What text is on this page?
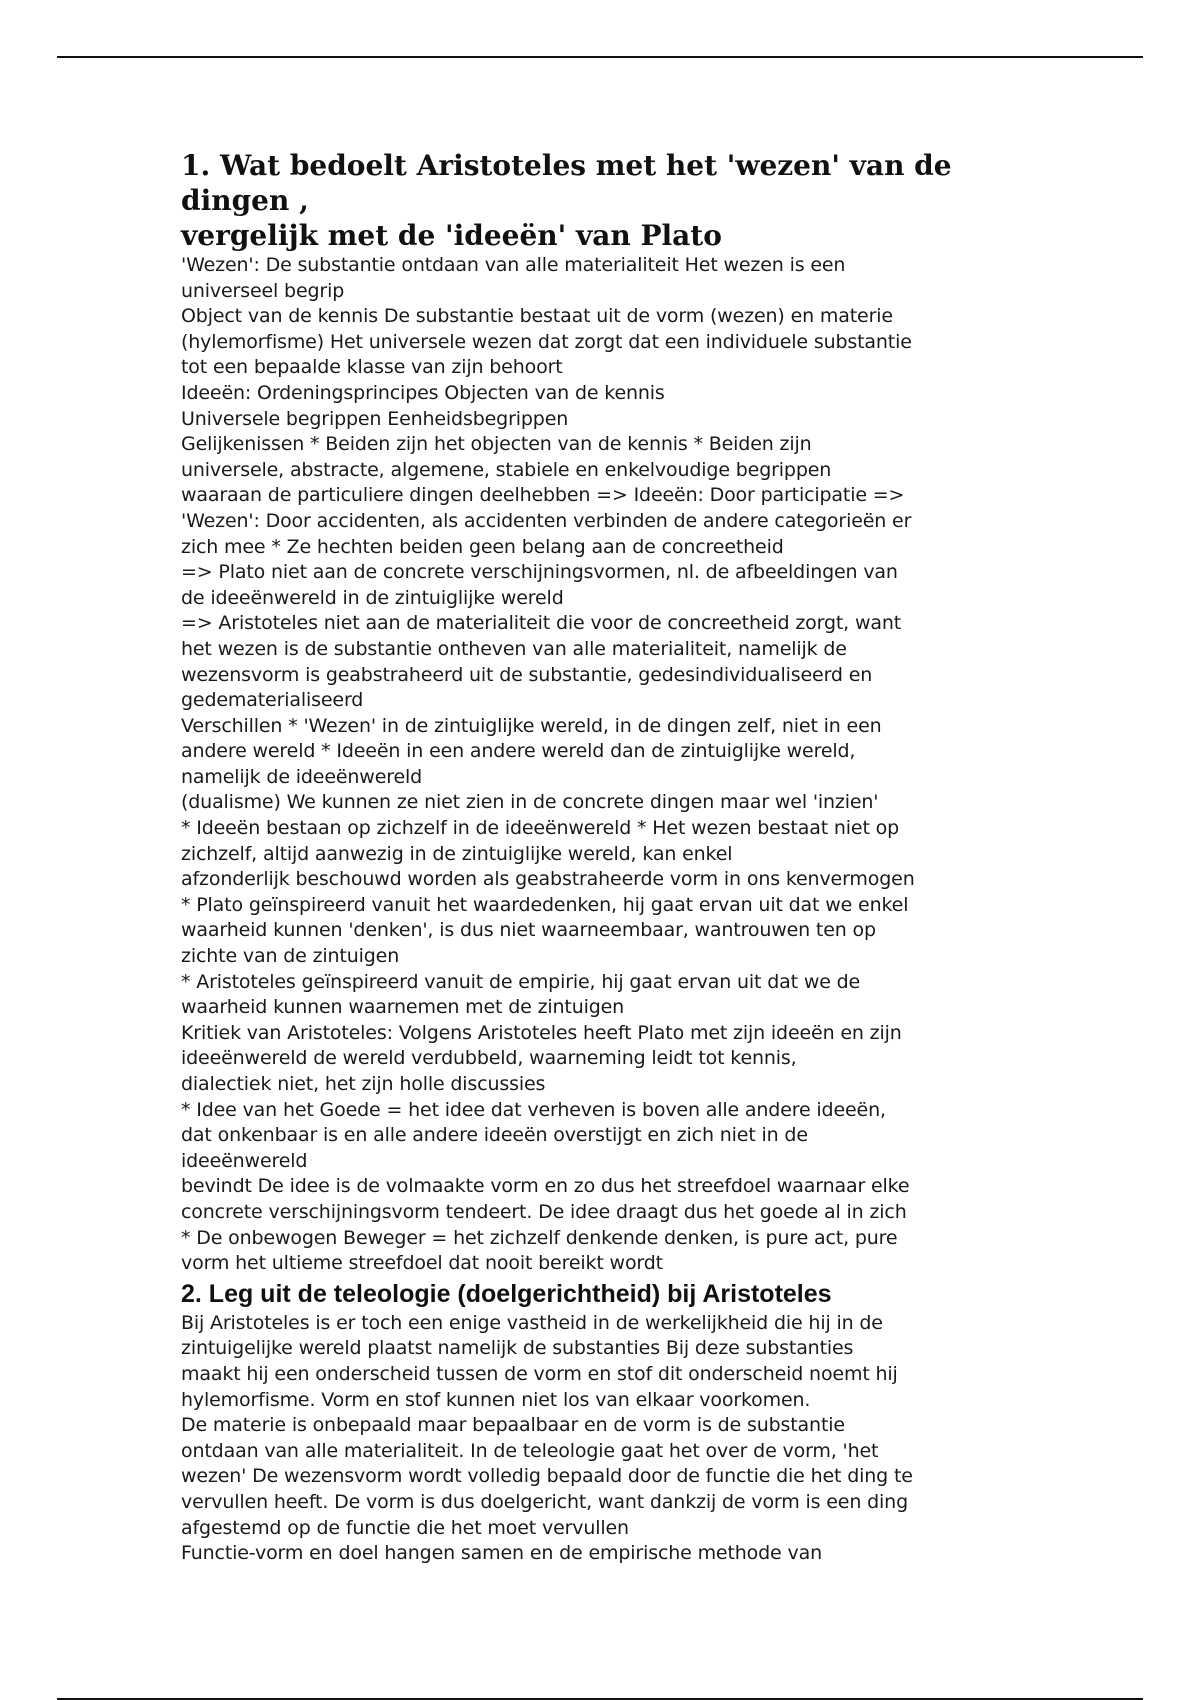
1. Wat bedoelt Aristoteles met het 'wezen' van de dingen ,
vergelijk met de 'ideeën' van Plato
'Wezen': De substantie ontdaan van alle materialiteit Het wezen is een
universeel begrip
Object van de kennis De substantie bestaat uit de vorm (wezen) en materie
(hylemorfisme) Het universele wezen dat zorgt dat een individuele substantie
tot een bepaalde klasse van zijn behoort
Ideeën: Ordeningsprincipes Objecten van de kennis
Universele begrippen Eenheidsbegrippen
Gelijkenissen * Beiden zijn het objecten van de kennis * Beiden zijn
universele, abstracte, algemene, stabiele en enkelvoudige begrippen
waaraan de particuliere dingen deelhebben => Ideeën: Door participatie =>
'Wezen': Door accidenten, als accidenten verbinden de andere categorieën er
zich mee * Ze hechten beiden geen belang aan de concreetheid
=> Plato niet aan de concrete verschijningsvormen, nl. de afbeeldingen van
de ideeënwereld in de zintuiglijke wereld
=> Aristoteles niet aan de materialiteit die voor de concreetheid zorgt, want
het wezen is de substantie ontheven van alle materialiteit, namelijk de
wezensvorm is geabstraheerd uit de substantie, gedesindividualiseerd en
gedematerialiseerd
Verschillen * 'Wezen' in de zintuiglijke wereld, in de dingen zelf, niet in een
andere wereld * Ideeën in een andere wereld dan de zintuiglijke wereld,
namelijk de ideeënwereld
(dualisme) We kunnen ze niet zien in de concrete dingen maar wel 'inzien'
* Ideeën bestaan op zichzelf in de ideeënwereld * Het wezen bestaat niet op
zichzelf, altijd aanwezig in de zintuiglijke wereld, kan enkel
afzonderlijk beschouwd worden als geabstraheerde vorm in ons kenvermogen
* Plato geïnspireerd vanuit het waardedenken, hij gaat ervan uit dat we enkel
waarheid kunnen 'denken', is dus niet waarneembaar, wantrouwen ten op
zichte van de zintuigen
* Aristoteles geïnspireerd vanuit de empirie, hij gaat ervan uit dat we de
waarheid kunnen waarnemen met de zintuigen
Kritiek van Aristoteles: Volgens Aristoteles heeft Plato met zijn ideeën en zijn
ideeënwereld de wereld verdubbeld, waarneming leidt tot kennis,
dialectiek niet, het zijn holle discussies
* Idee van het Goede = het idee dat verheven is boven alle andere ideeën,
dat onkenbaar is en alle andere ideeën overstijgt en zich niet in de
ideeënwereld
bevindt De idee is de volmaakte vorm en zo dus het streefdoel waarnaar elke
concrete verschijningsvorm tendeert. De idee draagt dus het goede al in zich
* De onbewogen Beweger = het zichzelf denkende denken, is pure act, pure
vorm het ultieme streefdoel dat nooit bereikt wordt
2. Leg uit de teleologie (doelgerichtheid) bij Aristoteles
Bij Aristoteles is er toch een enige vastheid in de werkelijkheid die hij in de
zintuigelijke wereld plaatst namelijk de substanties Bij deze substanties
maakt hij een onderscheid tussen de vorm en stof dit onderscheid noemt hij
hylemorfisme. Vorm en stof kunnen niet los van elkaar voorkomen.
De materie is onbepaald maar bepaalbaar en de vorm is de substantie
ontdaan van alle materialiteit. In de teleologie gaat het over de vorm, 'het
wezen' De wezensvorm wordt volledig bepaald door de functie die het ding te
vervullen heeft. De vorm is dus doelgericht, want dankzij de vorm is een ding
afgestemd op de functie die het moet vervullen
Functie-vorm en doel hangen samen en de empirische methode van
